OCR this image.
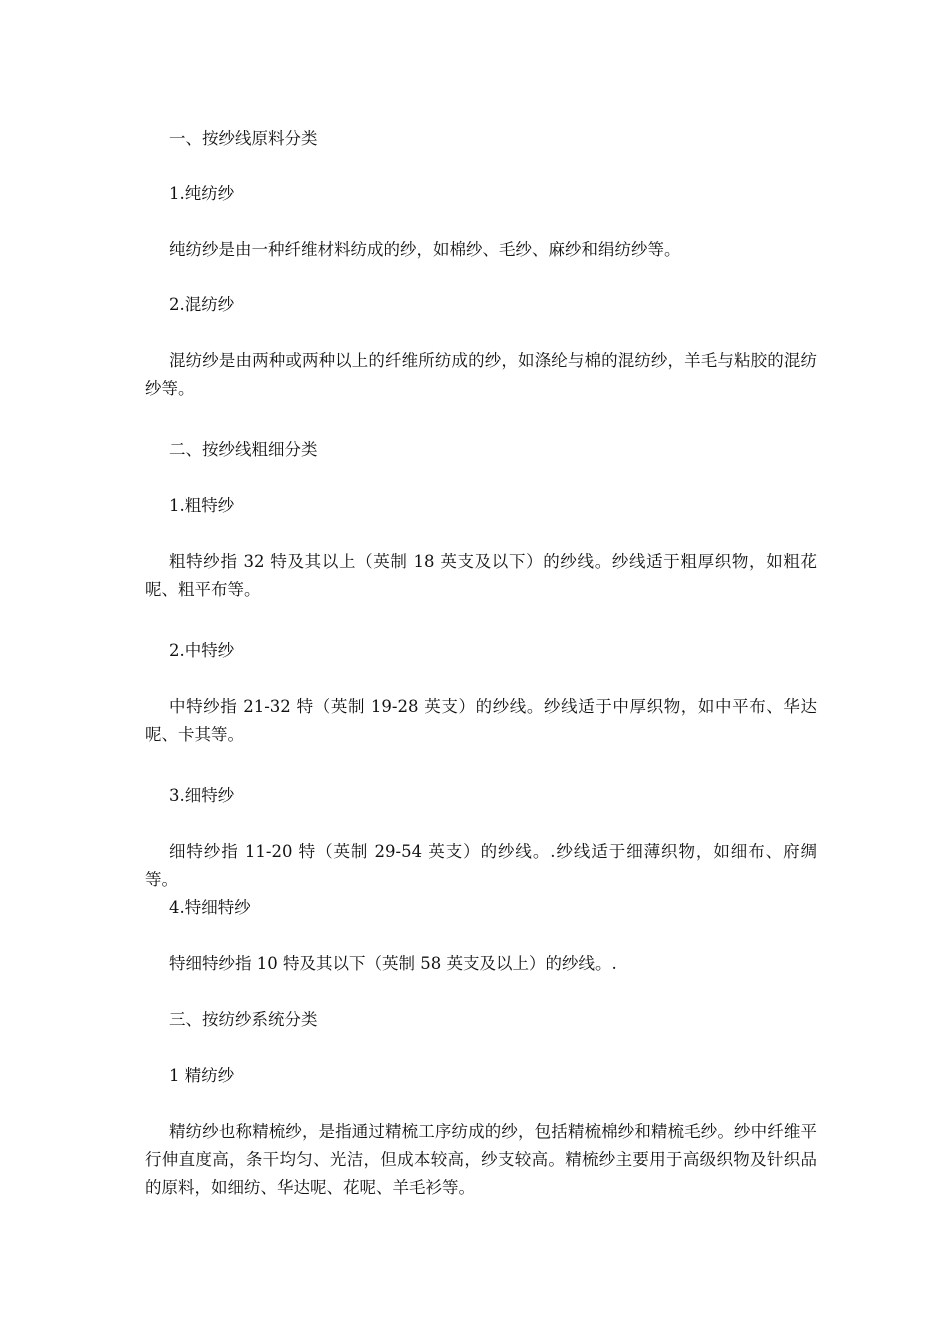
一、按纱线原料分类
1.纯纺纱
纯纺纱是由一种纤维材料纺成的纱，如棉纱、毛纱、麻纱和绢纺纱等。
2.混纺纱
混纺纱是由两种或两种以上的纤维所纺成的纱，如涤纶与棉的混纺纱，羊毛与粘胶的混纺纱等。
二、按纱线粗细分类
1.粗特纱
粗特纱指 32 特及其以上（英制 18 英支及以下）的纱线。纱线适于粗厚织物，如粗花呢、粗平布等。
2.中特纱
中特纱指 21-32 特（英制 19-28 英支）的纱线。纱线适于中厚织物，如中平布、华达呢、卡其等。
3.细特纱
细特纱指 11-20 特（英制 29-54 英支）的纱线。.纱线适于细薄织物，如细布、府绸等。
4.特细特纱
特细特纱指 10 特及其以下（英制 58 英支及以上）的纱线。.
三、按纺纱系统分类
1 精纺纱
精纺纱也称精梳纱，是指通过精梳工序纺成的纱，包括精梳棉纱和精梳毛纱。纱中纤维平行伸直度高，条干均匀、光洁，但成本较高，纱支较高。精梳纱主要用于高级织物及针织品的原料，如细纺、华达呢、花呢、羊毛衫等。
